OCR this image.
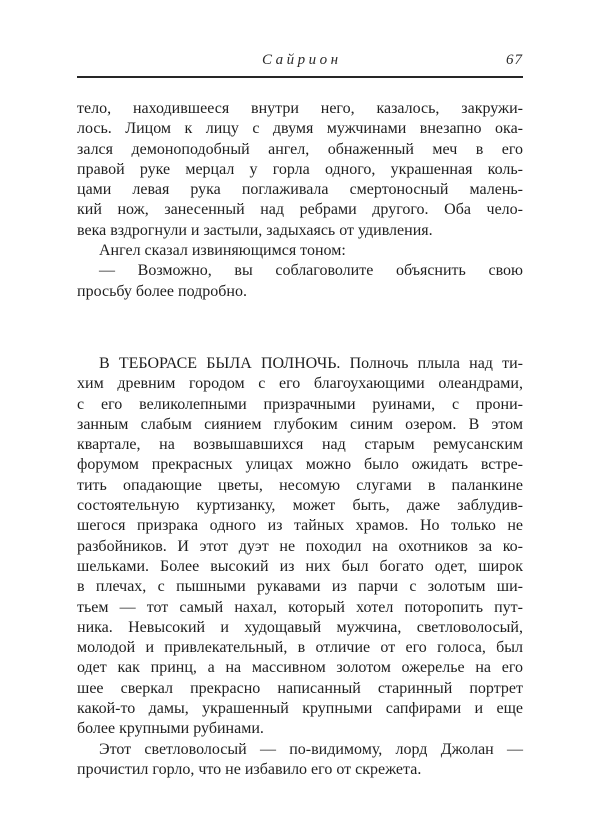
Сайрион	67
тело, находившееся внутри него, казалось, закружи-
лось. Лицом к лицу с двумя мужчинами внезапно ока-
зался демоноподобный ангел, обнаженный меч в его
правой руке мерцал у горла одного, украшенная коль-
цами левая рука поглаживала смертоносный малень-
кий нож, занесенный над ребрами другого. Оба чело-
века вздрогнули и застыли, задыхаясь от удивления.
Ангел сказал извиняющимся тоном:
— Возможно, вы соблаговолите объяснить свою
просьбу более подробно.
В ТЕБОРАСЕ БЫЛА ПОЛНОЧЬ. Полночь плыла над ти-
хим древним городом с его благоухающими олеандрами,
с его великолепными призрачными руинами, с прони-
занным слабым сиянием глубоким синим озером. В этом
квартале, на возвышавшихся над старым ремусанским
форумом прекрасных улицах можно было ожидать встре-
тить опадающие цветы, несомую слугами в паланкине
состоятельную куртизанку, может быть, даже заблудив-
шегося призрака одного из тайных храмов. Но только не
разбойников. И этот дуэт не походил на охотников за ко-
шельками. Более высокий из них был богато одет, широк
в плечах, с пышными рукавами из парчи с золотым ши-
тьем — тот самый нахал, который хотел поторопить пут-
ника. Невысокий и худощавый мужчина, светловолосый,
молодой и привлекательный, в отличие от его голоса, был
одет как принц, а на массивном золотом ожерелье на его
шее сверкал прекрасно написанный старинный портрет
какой-то дамы, украшенный крупными сапфирами и еще
более крупными рубинами.
Этот светловолосый — по-видимому, лорд Джолан —
прочистил горло, что не избавило его от скрежета.
